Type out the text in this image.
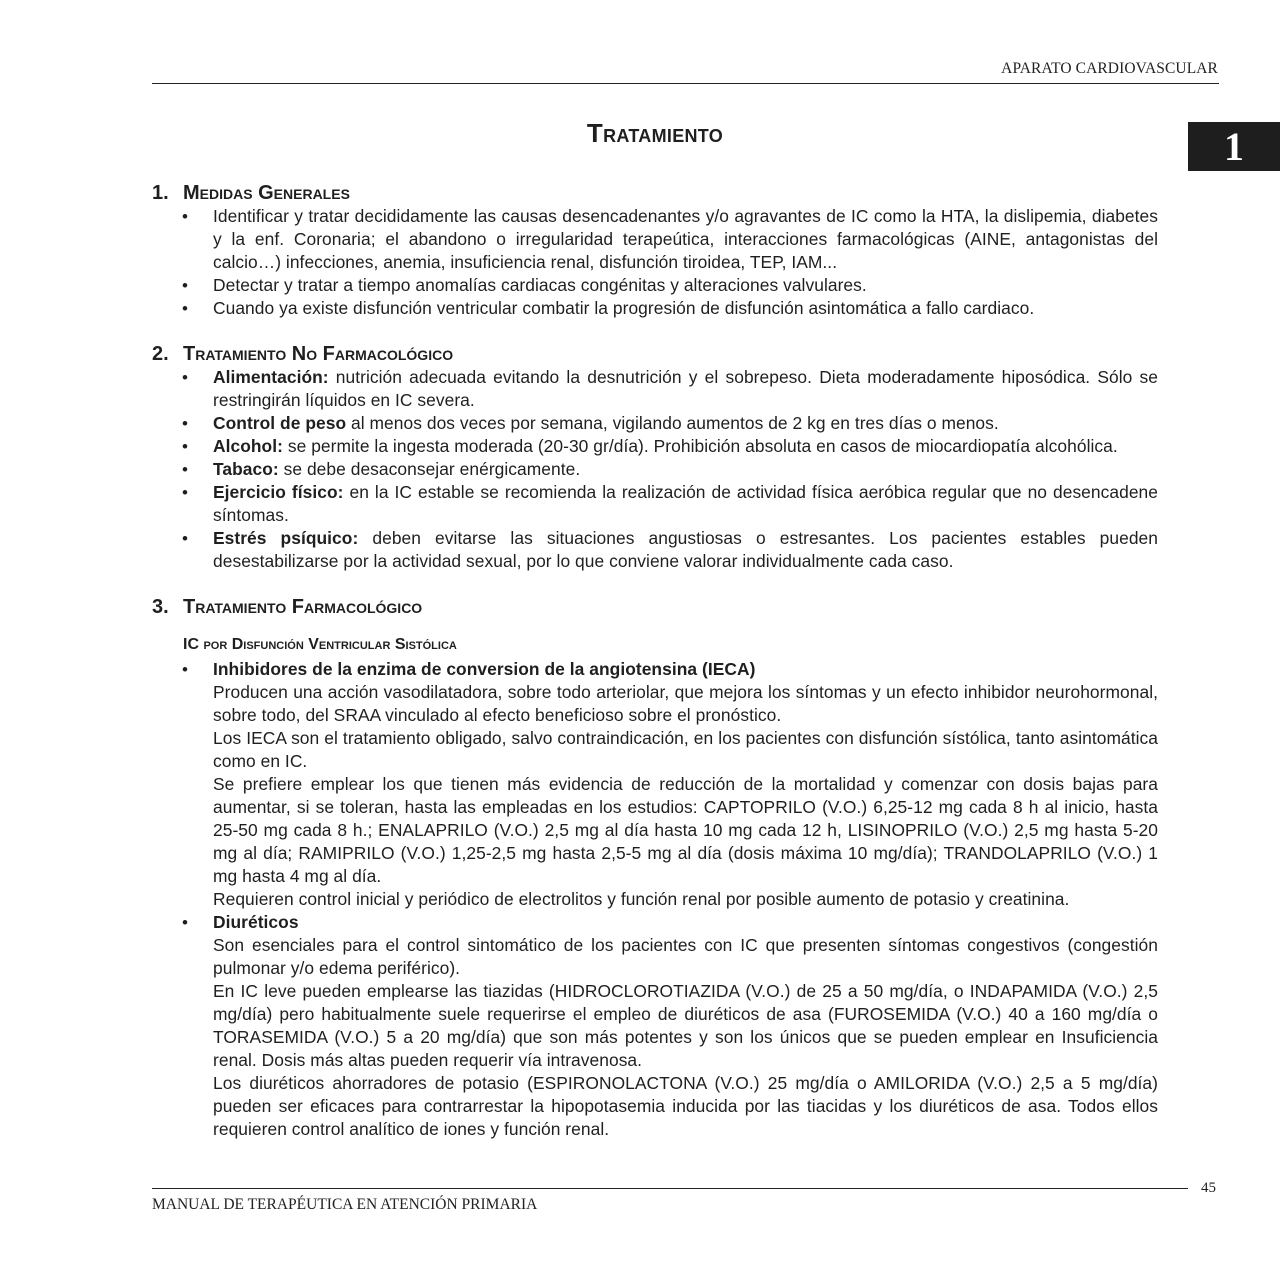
APARATO CARDIOVASCULAR
1
Tratamiento
1. Medidas Generales
• Identificar y tratar decididamente las causas desencadenantes y/o agravantes de IC como la HTA, la dislipemia, diabetes y la enf. Coronaria; el abandono o irregularidad terapeútica, interacciones farmacológicas (AINE, antagonistas del calcio…) infecciones, anemia, insuficiencia renal, disfunción tiroidea, TEP, IAM...

• Detectar y tratar a tiempo anomalías cardiacas congénitas y alteraciones valvulares.

• Cuando ya existe disfunción ventricular combatir la progresión de disfunción asintomática a fallo cardiaco.

2. Tratamiento No Farmacológico
• Alimentación: nutrición adecuada evitando la desnutrición y el sobrepeso. Dieta moderadamente hiposódica. Sólo se restringirán líquidos en IC severa.

• Control de peso al menos dos veces por semana, vigilando aumentos de 2 kg en tres días o menos.

• Alcohol: se permite la ingesta moderada (20-30 gr/día). Prohibición absoluta en casos de miocardiopatía alcohólica.

• Tabaco: se debe desaconsejar enérgicamente.

• Ejercicio físico: en la IC estable se recomienda la realización de actividad física aeróbica regular que no desencadene síntomas.

• Estrés psíquico: deben evitarse las situaciones angustiosas o estresantes. Los pacientes estables pueden desestabilizarse por la actividad sexual, por lo que conviene valorar individualmente cada caso.

3. Tratamiento Farmacológico
IC por Disfunción Ventricular Sistólica
• Inhibidores de la enzima de conversion de la angiotensina (IECA)

Producen una acción vasodilatadora, sobre todo arteriolar, que mejora los síntomas y un efecto inhibidor neurohormonal, sobre todo, del SRAA vinculado al efecto beneficioso sobre el pronóstico.

Los IECA son el tratamiento obligado, salvo contraindicación, en los pacientes con disfunción sístólica, tanto asintomática como en IC.

Se prefiere emplear los que tienen más evidencia de reducción de la mortalidad y comenzar con dosis bajas para aumentar, si se toleran, hasta las empleadas en los estudios: CAPTOPRILO (V.O.) 6,25-12 mg cada 8 h al inicio, hasta 25-50 mg cada 8 h.; ENALAPRILO (V.O.) 2,5 mg al día hasta 10 mg cada 12 h, LISINOPRILO (V.O.) 2,5 mg hasta 5-20 mg al día; RAMIPRILO (V.O.) 1,25-2,5 mg hasta 2,5-5 mg al día (dosis máxima 10 mg/día); TRANDOLAPRILO (V.O.) 1 mg hasta 4 mg al día.

Requieren control inicial y periódico de electrolitos y función renal por posible aumento de potasio y creatinina.

• Diuréticos

Son esenciales para el control sintomático de los pacientes con IC que presenten síntomas congestivos (congestión pulmonar y/o edema periférico).

En IC leve pueden emplearse las tiazidas (HIDROCLOROTIAZIDA (V.O.) de 25 a 50 mg/día, o INDAPAMIDA (V.O.) 2,5 mg/día) pero habitualmente suele requerirse el empleo de diuréticos de asa (FUROSEMIDA (V.O.) 40 a 160 mg/día o TORASEMIDA (V.O.) 5 a 20 mg/día) que son más potentes y son los únicos que se pueden emplear en Insuficiencia renal. Dosis más altas pueden requerir vía intravenosa.

Los diuréticos ahorradores de potasio (ESPIRONOLACTONA (V.O.) 25 mg/día o AMILORIDA (V.O.) 2,5 a 5 mg/día) pueden ser eficaces para contrarrestar la hipopotasemia inducida por las tiacidas y los diuréticos de asa. Todos ellos requieren control analítico de iones y función renal.

45
MANUAL DE TERAPÉUTICA EN ATENCIÓN PRIMARIA
